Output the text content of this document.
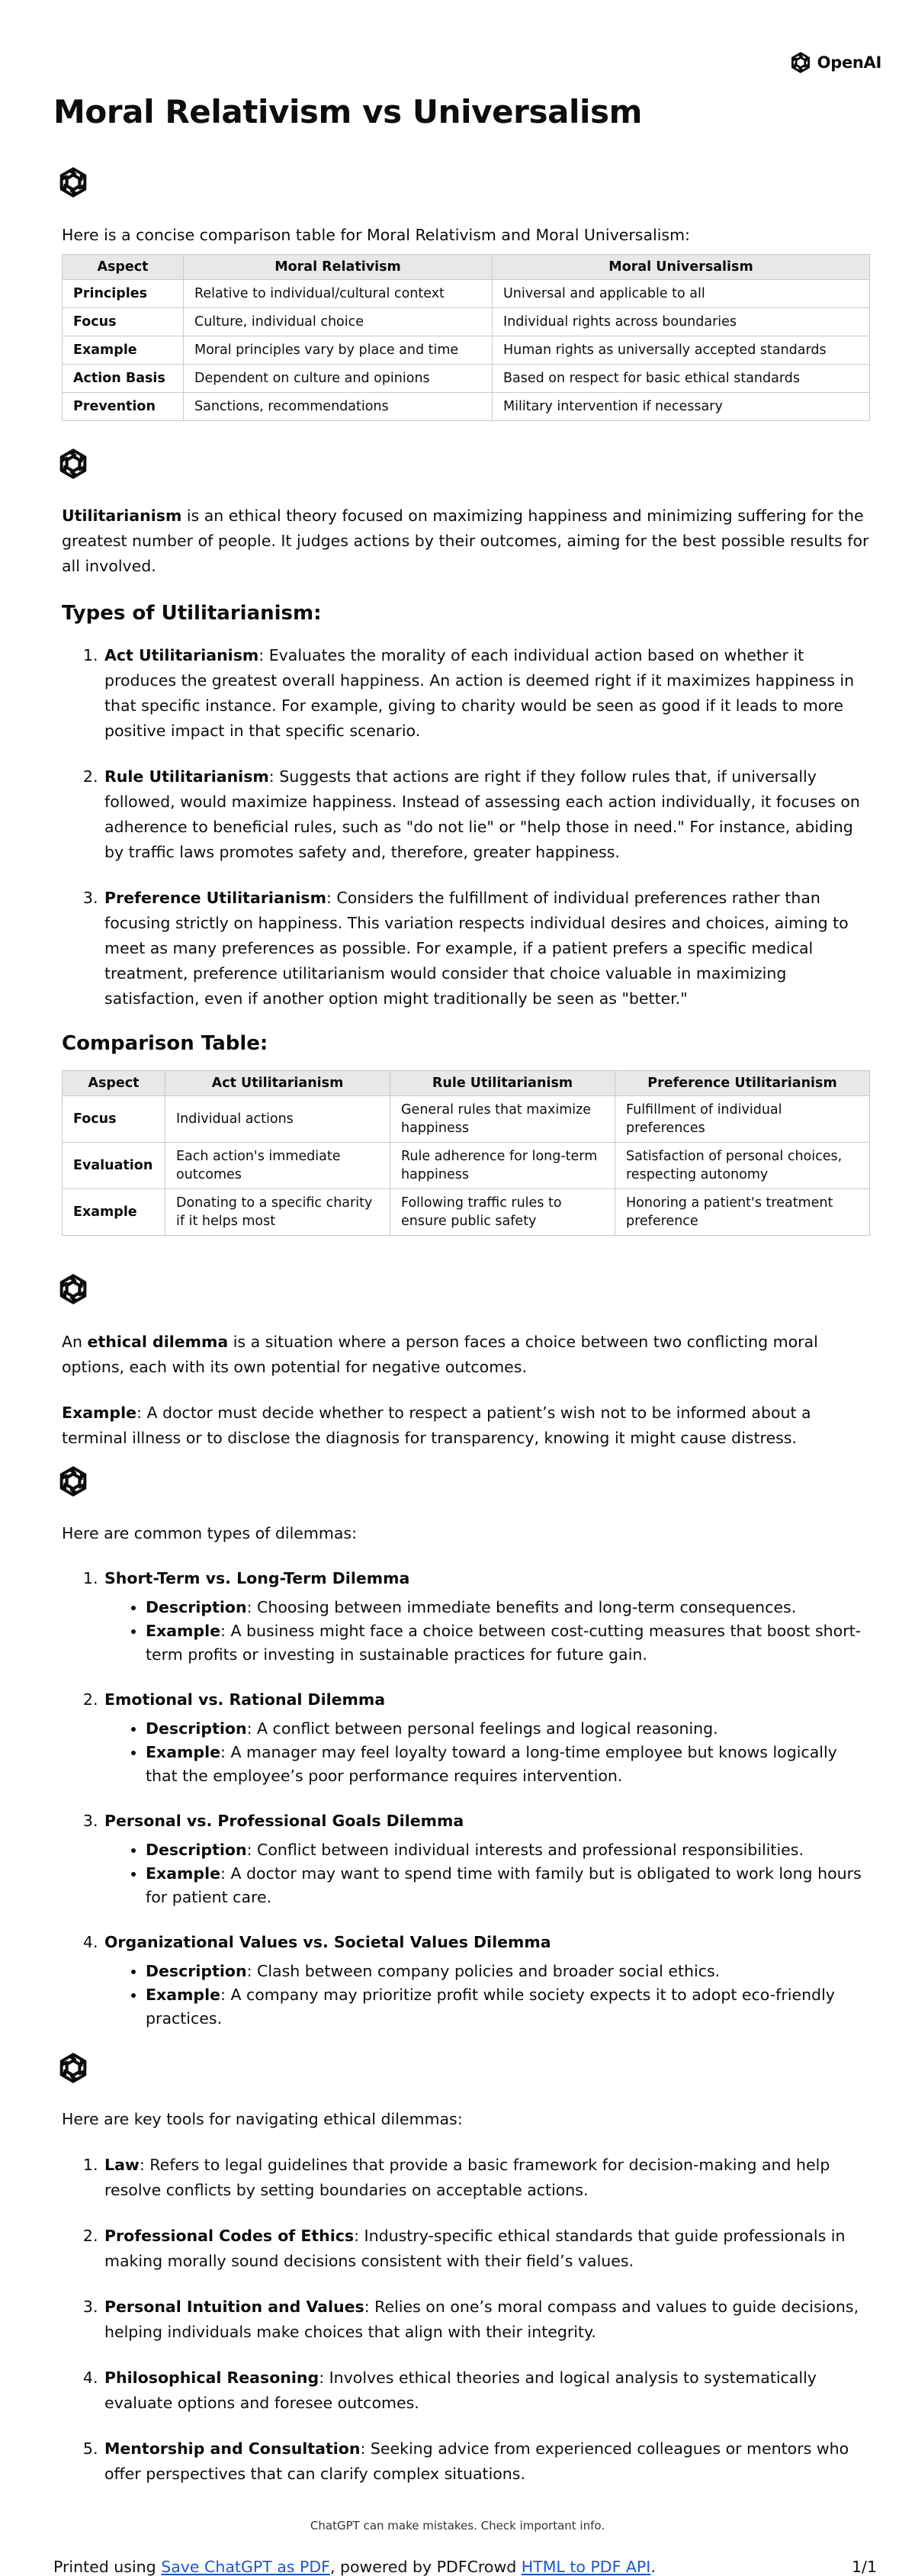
OpenAI
Moral Relativism vs Universalism

Here is a concise comparison table for Moral Relativism and Moral Universalism:

Aspect	Moral Relativism	Moral Universalism
Principles	Relative to individual/cultural context	Universal and applicable to all
Focus	Culture, individual choice	Individual rights across boundaries
Example	Moral principles vary by place and time	Human rights as universally accepted standards
Action Basis	Dependent on culture and opinions	Based on respect for basic ethical standards
Prevention	Sanctions, recommendations	Military intervention if necessary

Utilitarianism is an ethical theory focused on maximizing happiness and minimizing suffering for the greatest number of people. It judges actions by their outcomes, aiming for the best possible results for all involved.

Types of Utilitarianism:
1. Act Utilitarianism: Evaluates the morality of each individual action based on whether it produces the greatest overall happiness. An action is deemed right if it maximizes happiness in that specific instance. For example, giving to charity would be seen as good if it leads to more positive impact in that specific scenario.
2. Rule Utilitarianism: Suggests that actions are right if they follow rules that, if universally followed, would maximize happiness. Instead of assessing each action individually, it focuses on adherence to beneficial rules, such as "do not lie" or "help those in need." For instance, abiding by traffic laws promotes safety and, therefore, greater happiness.
3. Preference Utilitarianism: Considers the fulfillment of individual preferences rather than focusing strictly on happiness. This variation respects individual desires and choices, aiming to meet as many preferences as possible. For example, if a patient prefers a specific medical treatment, preference utilitarianism would consider that choice valuable in maximizing satisfaction, even if another option might traditionally be seen as "better."
Comparison Table:
Aspect	Act Utilitarianism	Rule Utilitarianism	Preference Utilitarianism
Focus	Individual actions	General rules that maximize happiness	Fulfillment of individual preferences
Evaluation	Each action's immediate outcomes	Rule adherence for long-term happiness	Satisfaction of personal choices, respecting autonomy
Example	Donating to a specific charity if it helps most	Following traffic rules to ensure public safety	Honoring a patient's treatment preference

An ethical dilemma is a situation where a person faces a choice between two conflicting moral options, each with its own potential for negative outcomes.

Example: A doctor must decide whether to respect a patient’s wish not to be informed about a terminal illness or to disclose the diagnosis for transparency, knowing it might cause distress.

Here are common types of dilemmas:

1. Short-Term vs. Long-Term Dilemma
• Description: Choosing between immediate benefits and long-term consequences.
• Example: A business might face a choice between cost-cutting measures that boost short-term profits or investing in sustainable practices for future gain.
2. Emotional vs. Rational Dilemma
• Description: A conflict between personal feelings and logical reasoning.
• Example: A manager may feel loyalty toward a long-time employee but knows logically that the employee’s poor performance requires intervention.
3. Personal vs. Professional Goals Dilemma
• Description: Conflict between individual interests and professional responsibilities.
• Example: A doctor may want to spend time with family but is obligated to work long hours for patient care.
4. Organizational Values vs. Societal Values Dilemma
• Description: Clash between company policies and broader social ethics.
• Example: A company may prioritize profit while society expects it to adopt eco-friendly practices.

Here are key tools for navigating ethical dilemmas:

1. Law: Refers to legal guidelines that provide a basic framework for decision-making and help resolve conflicts by setting boundaries on acceptable actions.
2. Professional Codes of Ethics: Industry-specific ethical standards that guide professionals in making morally sound decisions consistent with their field’s values.
3. Personal Intuition and Values: Relies on one’s moral compass and values to guide decisions, helping individuals make choices that align with their integrity.
4. Philosophical Reasoning: Involves ethical theories and logical analysis to systematically evaluate options and foresee outcomes.
5. Mentorship and Consultation: Seeking advice from experienced colleagues or mentors who offer perspectives that can clarify complex situations.
ChatGPT can make mistakes. Check important info.
Printed using Save ChatGPT as PDF, powered by PDFCrowd HTML to PDF API.	1/1
